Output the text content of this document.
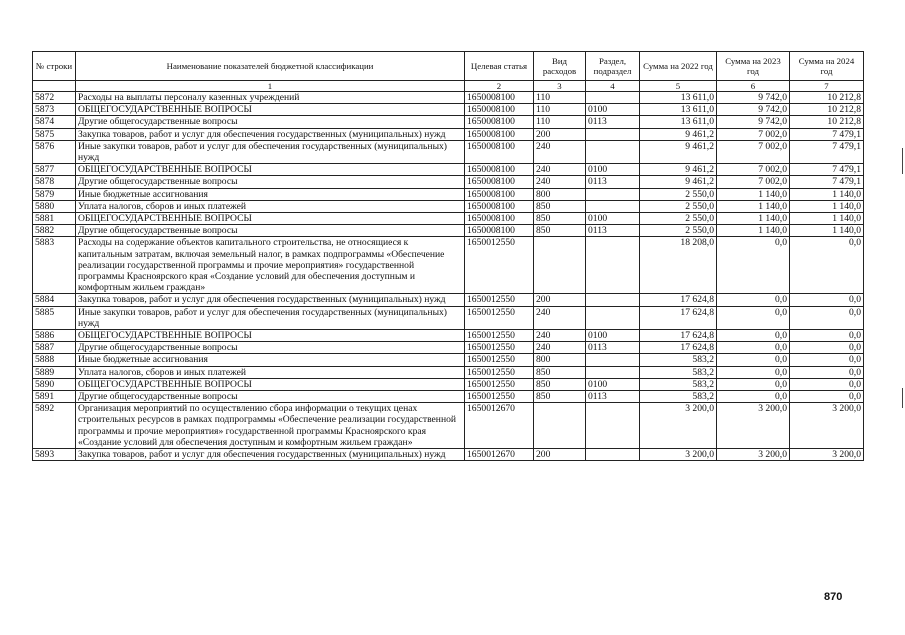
№ строки	Наименование показателей бюджетной классификации	Целевая статья	Вид расходов	Раздел, подраздел	Сумма на 2022 год	Сумма на 2023 год	Сумма на 2024 год
	1	2	3	4	5	6	7
5872	Расходы на выплаты персоналу казенных учреждений	1650008100	110		13 611,0	9 742,0	10 212,8
5873	ОБЩЕГОСУДАРСТВЕННЫЕ ВОПРОСЫ	1650008100	110	0100	13 611,0	9 742,0	10 212,8
5874	Другие общегосударственные вопросы	1650008100	110	0113	13 611,0	9 742,0	10 212,8
5875	Закупка товаров, работ и услуг для обеспечения государственных (муниципальных) нужд	1650008100	200		9 461,2	7 002,0	7 479,1
5876	Иные закупки товаров, работ и услуг для обеспечения государственных (муниципальных) нужд	1650008100	240		9 461,2	7 002,0	7 479,1
5877	ОБЩЕГОСУДАРСТВЕННЫЕ ВОПРОСЫ	1650008100	240	0100	9 461,2	7 002,0	7 479,1
5878	Другие общегосударственные вопросы	1650008100	240	0113	9 461,2	7 002,0	7 479,1
5879	Иные бюджетные ассигнования	1650008100	800		2 550,0	1 140,0	1 140,0
5880	Уплата налогов, сборов и иных платежей	1650008100	850		2 550,0	1 140,0	1 140,0
5881	ОБЩЕГОСУДАРСТВЕННЫЕ ВОПРОСЫ	1650008100	850	0100	2 550,0	1 140,0	1 140,0
5882	Другие общегосударственные вопросы	1650008100	850	0113	2 550,0	1 140,0	1 140,0
5883	Расходы на содержание объектов капитального строительства, не относящиеся к капитальным затратам, включая земельный налог, в рамках подпрограммы «Обеспечение реализации государственной программы и прочие мероприятия» государственной программы Красноярского края «Создание условий для обеспечения доступным и комфортным жильем граждан»	1650012550			18 208,0	0,0	0,0
5884	Закупка товаров, работ и услуг для обеспечения государственных (муниципальных) нужд	1650012550	200		17 624,8	0,0	0,0
5885	Иные закупки товаров, работ и услуг для обеспечения государственных (муниципальных) нужд	1650012550	240		17 624,8	0,0	0,0
5886	ОБЩЕГОСУДАРСТВЕННЫЕ ВОПРОСЫ	1650012550	240	0100	17 624,8	0,0	0,0
5887	Другие общегосударственные вопросы	1650012550	240	0113	17 624,8	0,0	0,0
5888	Иные бюджетные ассигнования	1650012550	800		583,2	0,0	0,0
5889	Уплата налогов, сборов и иных платежей	1650012550	850		583,2	0,0	0,0
5890	ОБЩЕГОСУДАРСТВЕННЫЕ ВОПРОСЫ	1650012550	850	0100	583,2	0,0	0,0
5891	Другие общегосударственные вопросы	1650012550	850	0113	583,2	0,0	0,0
5892	Организация мероприятий по осуществлению сбора информации о текущих ценах строительных ресурсов в рамках подпрограммы «Обеспечение реализации государственной программы и прочие мероприятия» государственной программы Красноярского края «Создание условий для обеспечения доступным и комфортным жильем граждан»	1650012670			3 200,0	3 200,0	3 200,0
5893	Закупка товаров, работ и услуг для обеспечения государственных (муниципальных) нужд	1650012670	200		3 200,0	3 200,0	3 200,0
870
